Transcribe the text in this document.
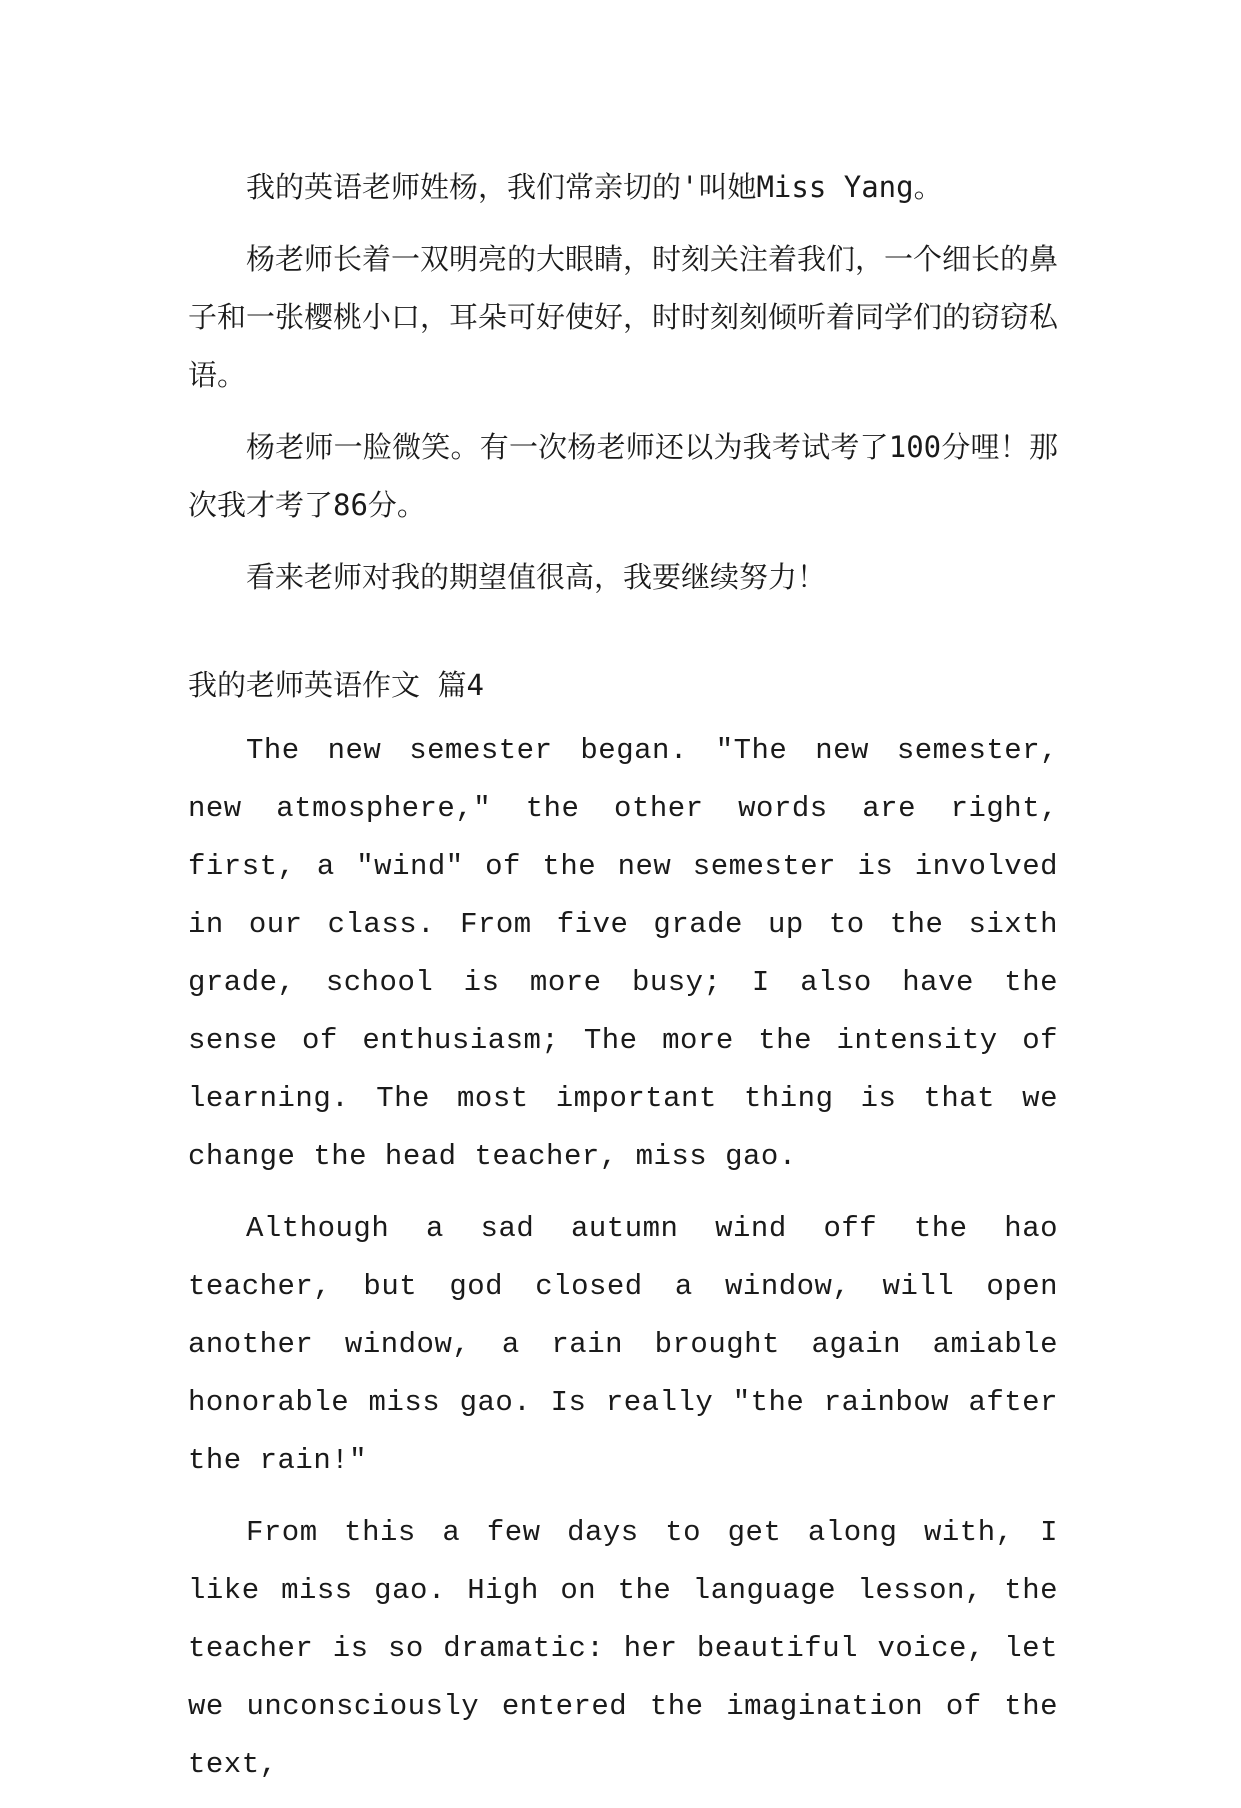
我的英语老师姓杨，我们常亲切的'叫她Miss Yang。

杨老师长着一双明亮的大眼睛，时刻关注着我们，一个细长的鼻子和一张樱桃小口，耳朵可好使好，时时刻刻倾听着同学们的窃窃私语。

杨老师一脸微笑。有一次杨老师还以为我考试考了100分哩！那次我才考了86分。

看来老师对我的期望值很高，我要继续努力！

我的老师英语作文 篇4

The new semester began. "The new semester, new atmosphere," the other words are right, first, a "wind" of the new semester is involved in our class. From five grade up to the sixth grade, school is more busy; I also have the sense of enthusiasm; The more the intensity of learning. The most important thing is that we change the head teacher, miss gao.

Although a sad autumn wind off the hao teacher, but god closed a window, will open another window, a rain brought again amiable honorable miss gao. Is really "the rainbow after the rain!"

From this a few days to get along with, I like miss gao. High on the language lesson, the teacher is so dramatic: her beautiful voice, let we unconsciously entered the imagination of the text,
